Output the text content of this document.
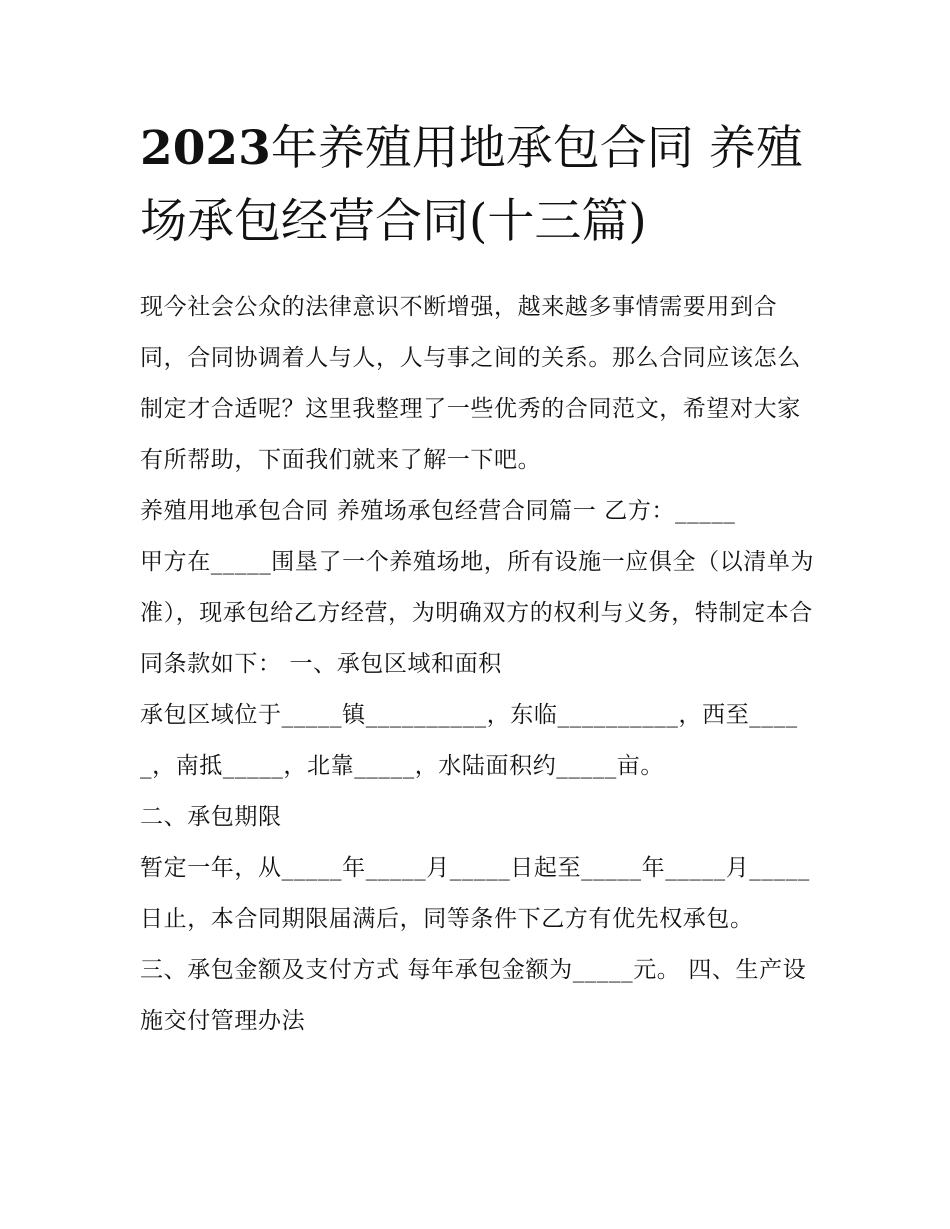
2023年养殖用地承包合同 养殖场承包经营合同(十三篇)

现今社会公众的法律意识不断增强，越来越多事情需要用到合同，合同协调着人与人，人与事之间的关系。那么合同应该怎么制定才合适呢？这里我整理了一些优秀的合同范文，希望对大家有所帮助，下面我们就来了解一下吧。

养殖用地承包合同 养殖场承包经营合同篇一 乙方：_____

甲方在_____围垦了一个养殖场地，所有设施一应俱全（以清单为准），现承包给乙方经营，为明确双方的权利与义务，特制定本合同条款如下： 一、承包区域和面积

承包区域位于_____镇__________，东临__________，西至_____，南抵_____，北靠_____，水陆面积约_____亩。

二、承包期限

暂定一年，从_____年_____月_____日起至_____年_____月_____日止，本合同期限届满后，同等条件下乙方有优先权承包。

三、承包金额及支付方式 每年承包金额为_____元。 四、生产设施交付管理办法
